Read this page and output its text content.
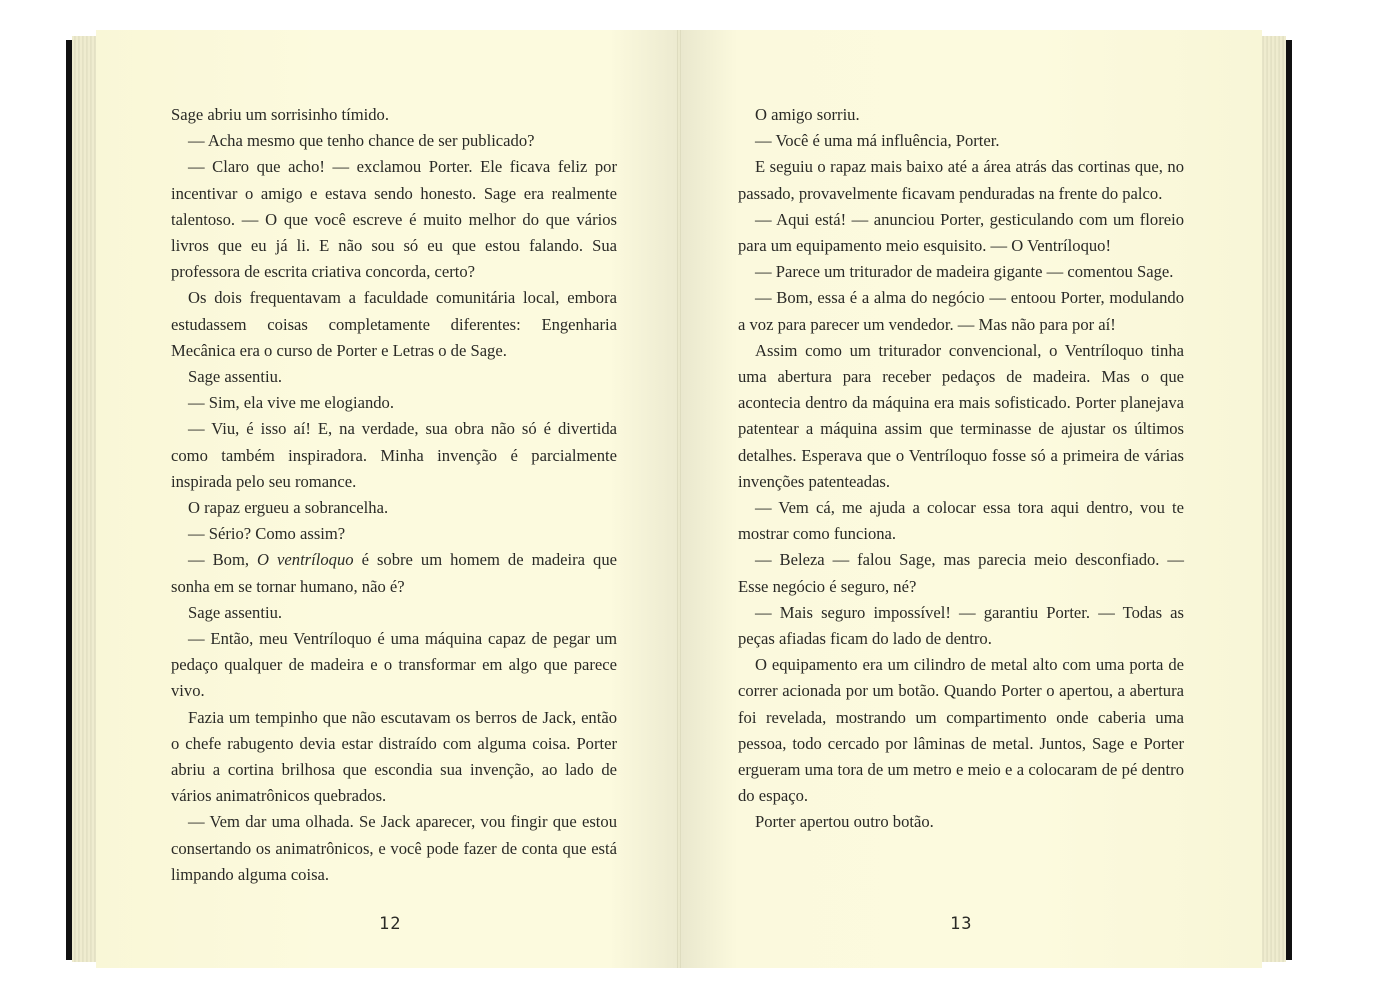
Sage abriu um sorrisinho tímido.

— Acha mesmo que tenho chance de ser publicado?

— Claro que acho! — exclamou Porter. Ele ficava feliz por incentivar o amigo e estava sendo honesto. Sage era realmente talentoso. — O que você escreve é muito melhor do que vários livros que eu já li. E não sou só eu que estou falando. Sua professora de escrita criativa concorda, certo?

Os dois frequentavam a faculdade comunitária local, embora estudassem coisas completamente diferentes: Engenharia Mecânica era o curso de Porter e Letras o de Sage.

Sage assentiu.

— Sim, ela vive me elogiando.

— Viu, é isso aí! E, na verdade, sua obra não só é divertida como também inspiradora. Minha invenção é parcialmente inspirada pelo seu romance.

O rapaz ergueu a sobrancelha.

— Sério? Como assim?

— Bom, O ventríloquo é sobre um homem de madeira que sonha em se tornar humano, não é?

Sage assentiu.

— Então, meu Ventríloquo é uma máquina capaz de pegar um pedaço qualquer de madeira e o transformar em algo que parece vivo.

Fazia um tempinho que não escutavam os berros de Jack, então o chefe rabugento devia estar distraído com alguma coisa. Porter abriu a cortina brilhosa que escondia sua invenção, ao lado de vários animatrônicos quebrados.

— Vem dar uma olhada. Se Jack aparecer, vou fingir que estou consertando os animatrônicos, e você pode fazer de conta que está limpando alguma coisa.

12

O amigo sorriu.

— Você é uma má influência, Porter.

E seguiu o rapaz mais baixo até a área atrás das cortinas que, no passado, provavelmente ficavam penduradas na frente do palco.

— Aqui está! — anunciou Porter, gesticulando com um floreio para um equipamento meio esquisito. — O Ventríloquo!

— Parece um triturador de madeira gigante — comentou Sage.

— Bom, essa é a alma do negócio — entoou Porter, modulando a voz para parecer um vendedor. — Mas não para por aí!

Assim como um triturador convencional, o Ventríloquo tinha uma abertura para receber pedaços de madeira. Mas o que acontecia dentro da máquina era mais sofisticado. Porter planejava patentear a máquina assim que terminasse de ajustar os últimos detalhes. Esperava que o Ventríloquo fosse só a primeira de várias invenções patenteadas.

— Vem cá, me ajuda a colocar essa tora aqui dentro, vou te mostrar como funciona.

— Beleza — falou Sage, mas parecia meio desconfiado. — Esse negócio é seguro, né?

— Mais seguro impossível! — garantiu Porter. — Todas as peças afiadas ficam do lado de dentro.

O equipamento era um cilindro de metal alto com uma porta de correr acionada por um botão. Quando Porter o apertou, a abertura foi revelada, mostrando um compartimento onde caberia uma pessoa, todo cercado por lâminas de metal. Juntos, Sage e Porter ergueram uma tora de um metro e meio e a colocaram de pé dentro do espaço.

Porter apertou outro botão.

13
